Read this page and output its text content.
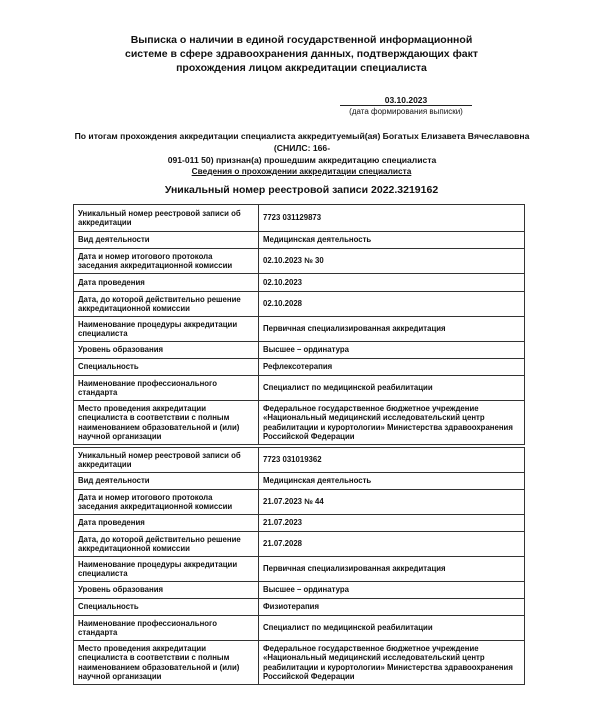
Выписка о наличии в единой государственной информационной
системе в сфере здравоохранения данных, подтверждающих факт
прохождения лицом аккредитации специалиста
03.10.2023
(дата формирования выписки)
По итогам прохождения аккредитации специалиста аккредитуемый(ая) Богатых Елизавета Вячеславовна (СНИЛС: 166-
091-011 50) признан(а) прошедшим аккредитацию специалиста
Сведения о прохождении аккредитации специалиста
Уникальный номер реестровой записи 2022.3219162
Уникальный номер реестровой записи об аккредитации	7723 031129873
Вид деятельности	Медицинская деятельность
Дата и номер итогового протокола заседания аккредитационной комиссии	02.10.2023 № 30
Дата проведения	02.10.2023
Дата, до которой действительно решение аккредитационной комиссии	02.10.2028
Наименование процедуры аккредитации специалиста	Первичная специализированная аккредитация
Уровень образования	Высшее – ординатура
Специальность	Рефлексотерапия
Наименование профессионального стандарта	Специалист по медицинской реабилитации
Место проведения аккредитации специалиста в соответствии с полным наименованием образовательной и (или) научной организации	Федеральное государственное бюджетное учреждение «Национальный медицинский исследовательский центр реабилитации и курортологии» Министерства здравоохранения Российской Федерации
Уникальный номер реестровой записи об аккредитации	7723 031019362
Вид деятельности	Медицинская деятельность
Дата и номер итогового протокола заседания аккредитационной комиссии	21.07.2023 № 44
Дата проведения	21.07.2023
Дата, до которой действительно решение аккредитационной комиссии	21.07.2028
Наименование процедуры аккредитации специалиста	Первичная специализированная аккредитация
Уровень образования	Высшее – ординатура
Специальность	Физиотерапия
Наименование профессионального стандарта	Специалист по медицинской реабилитации
Место проведения аккредитации специалиста в соответствии с полным наименованием образовательной и (или) научной организации	Федеральное государственное бюджетное учреждение «Национальный медицинский исследовательский центр реабилитации и курортологии» Министерства здравоохранения Российской Федерации
